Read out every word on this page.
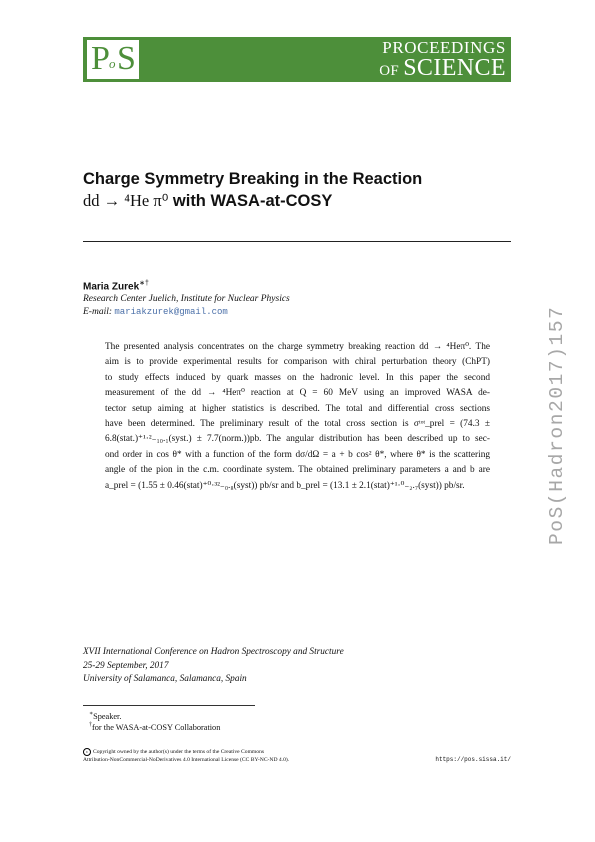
P o S	PROCEEDINGS
OF SCIENCE
Charge Symmetry Breaking in the Reaction
dd → ⁴He π⁰ with WASA-at-COSY
Maria Zurek∗†
Research Center Juelich, Institute for Nuclear Physics
E-mail: mariakzurek@gmail.com
The presented analysis concentrates on the charge symmetry breaking reaction dd → ⁴Heπ⁰. The
aim is to provide experimental results for comparison with chiral perturbation theory (ChPT)
to study effects induced by quark masses on the hadronic level. In this paper the second
measurement of the dd → ⁴Heπ⁰ reaction at Q = 60 MeV using an improved WASA de-
tector setup aiming at higher statistics is described. The total and differential cross sections
have been determined. The preliminary result of the total cross section is σᵗᵒᵗ_prel = (74.3 ±
6.8(stat.)⁺¹·²₋₁₀.₁(syst.) ± 7.7(norm.))pb. The angular distribution has been described up to sec-
ond order in cos θ* with a function of the form dσ/dΩ = a + b cos² θ*, where θ* is the scattering
angle of the pion in the c.m. coordinate system. The obtained preliminary parameters a and b are
a_prel = (1.55 ± 0.46(stat)⁺⁰·³²₋₀.₈(syst)) pb/sr and b_prel = (13.1 ± 2.1(stat)⁺¹·⁰₋₂.₇(syst)) pb/sr.
XVII International Conference on Hadron Spectroscopy and Structure
25-29 September, 2017
University of Salamanca, Salamanca, Spain
∗Speaker.
†for the WASA-at-COSY Collaboration
c Copyright owned by the author(s) under the terms of the Creative Commons
Attribution-NonCommercial-NoDerivatives 4.0 International License (CC BY-NC-ND 4.0).	https://pos.sissa.it/
PoS(Hadron2017)157
